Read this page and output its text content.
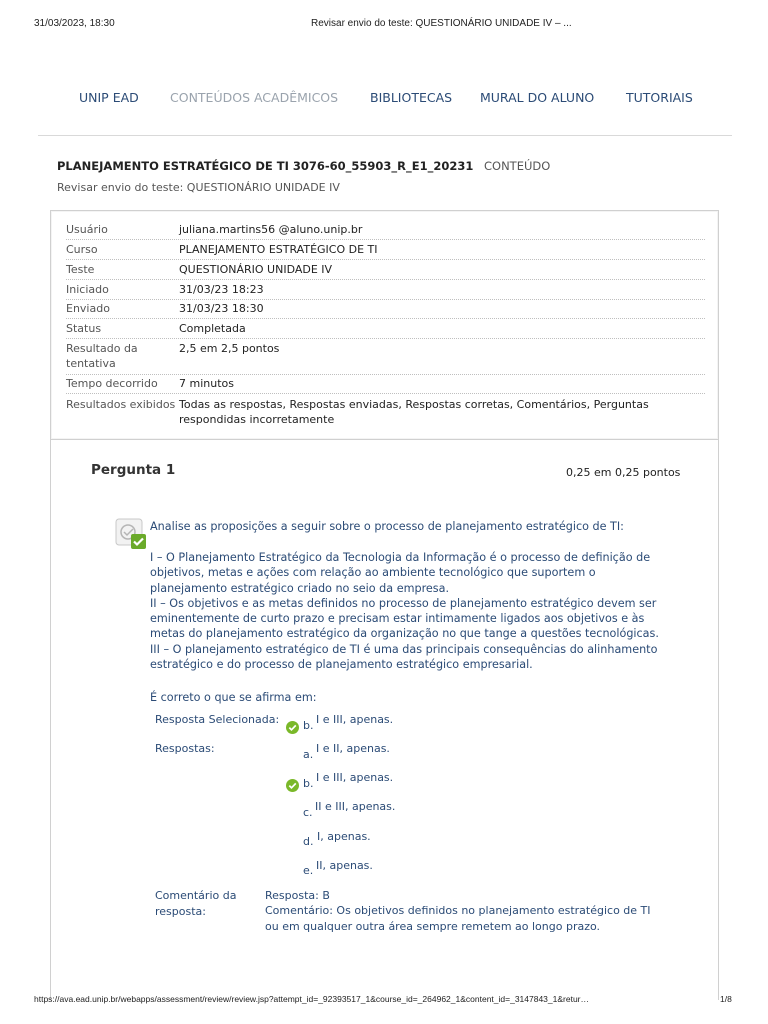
31/03/2023, 18:30	Revisar envio do teste: QUESTIONÁRIO UNIDADE IV – ...
UNIP EAD CONTEÚDOS ACADÊMICOS	BIBLIOTECAS MURAL DO ALUNO	TUTORIAIS
PLANEJAMENTO ESTRATÉGICO DE TI 3076-60_55903_R_E1_20231 CONTEÚDO
Revisar envio do teste: QUESTIONÁRIO UNIDADE IV
Usuário	juliana.martins56 @aluno.unip.br
Curso	PLANEJAMENTO ESTRATÉGICO DE TI
Teste	QUESTIONÁRIO UNIDADE IV
Iniciado	31/03/23 18:23
Enviado	31/03/23 18:30
Status	Completada
Resultado da
tentativa
2,5 em 2,5 pontos
Tempo decorrido	7 minutos
Resultados exibidos Todas as respostas, Respostas enviadas, Respostas corretas, Comentários, Perguntas
respondidas incorretamente
Pergunta 1	0,25 em 0,25 pontos
Analise as proposições a seguir sobre o processo de planejamento estratégico de TI:
I – O Planejamento Estratégico da Tecnologia da Informação é o processo de definição de
objetivos, metas e ações com relação ao ambiente tecnológico que suportem o
planejamento estratégico criado no seio da empresa.
II – Os objetivos e as metas definidos no processo de planejamento estratégico devem ser
eminentemente de curto prazo e precisam estar intimamente ligados aos objetivos e às
metas do planejamento estratégico da organização no que tange a questões tecnológicas.
III – O planejamento estratégico de TI é uma das principais consequências do alinhamento
estratégico e do processo de planejamento estratégico empresarial.
É correto o que se afirma em:
Resposta Selecionada: b. I e III, apenas.
Respostas:	a. I e II, apenas.
b. I e III, apenas.
c. II e III, apenas.
d. I, apenas.
e. II, apenas.
Comentário da
resposta:
Resposta: B
Comentário: Os objetivos definidos no planejamento estratégico de TI
ou em qualquer outra área sempre remetem ao longo prazo.
https://ava.ead.unip.br/webapps/assessment/review/review.jsp?attempt_id=_92393517_1&course_id=_264962_1&content_id=_3147843_1&retur…	1/8
